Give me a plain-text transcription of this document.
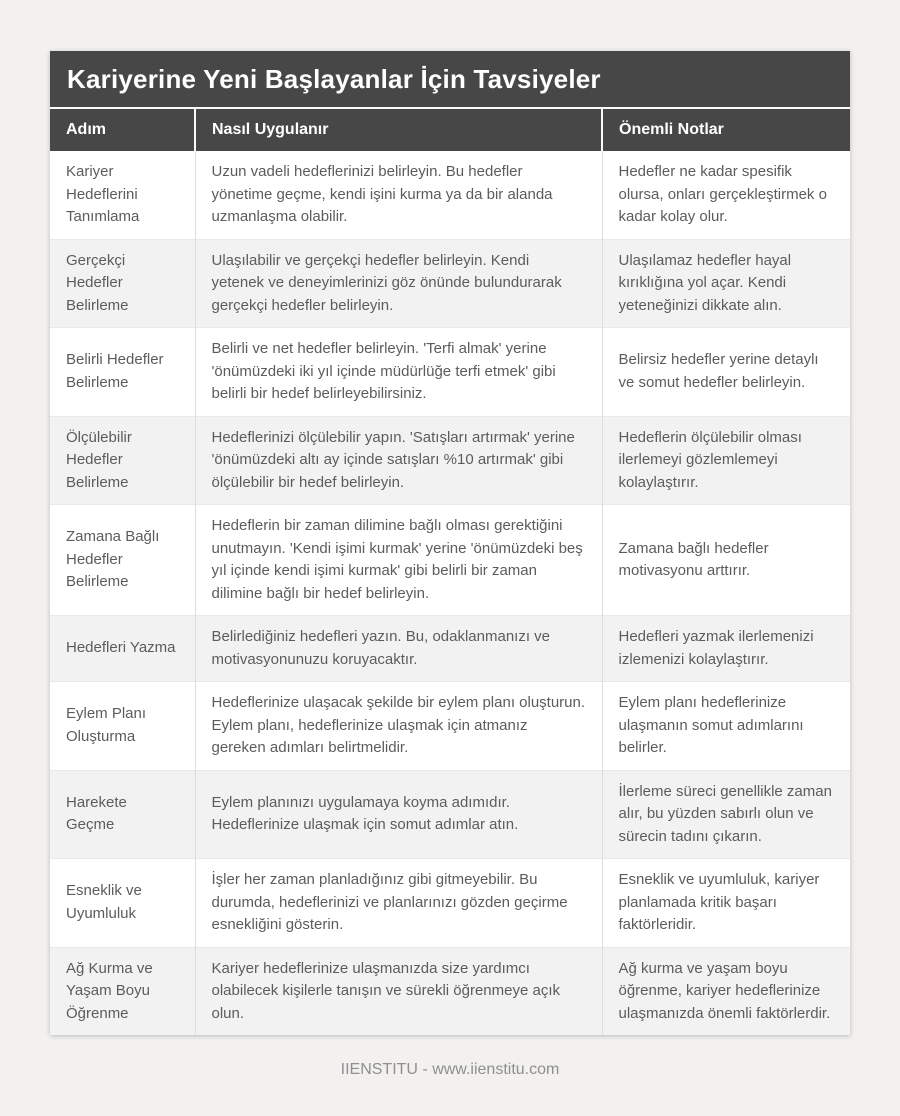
Kariyerine Yeni Başlayanlar İçin Tavsiyeler
Adım	Nasıl Uygulanır	Önemli Notlar
Kariyer Hedeflerini Tanımlama	Uzun vadeli hedeflerinizi belirleyin. Bu hedefler yönetime geçme, kendi işini kurma ya da bir alanda uzmanlaşma olabilir.	Hedefler ne kadar spesifik olursa, onları gerçekleştirmek o kadar kolay olur.
Gerçekçi Hedefler Belirleme	Ulaşılabilir ve gerçekçi hedefler belirleyin. Kendi yetenek ve deneyimlerinizi göz önünde bulundurarak gerçekçi hedefler belirleyin.	Ulaşılamaz hedefler hayal kırıklığına yol açar. Kendi yeteneğinizi dikkate alın.
Belirli Hedefler Belirleme	Belirli ve net hedefler belirleyin. 'Terfi almak' yerine 'önümüzdeki iki yıl içinde müdürlüğe terfi etmek' gibi belirli bir hedef belirleyebilirsiniz.	Belirsiz hedefler yerine detaylı ve somut hedefler belirleyin.
Ölçülebilir Hedefler Belirleme	Hedeflerinizi ölçülebilir yapın. 'Satışları artırmak' yerine 'önümüzdeki altı ay içinde satışları %10 artırmak' gibi ölçülebilir bir hedef belirleyin.	Hedeflerin ölçülebilir olması ilerlemeyi gözlemlemeyi kolaylaştırır.
Zamana Bağlı Hedefler Belirleme	Hedeflerin bir zaman dilimine bağlı olması gerektiğini unutmayın. 'Kendi işimi kurmak' yerine 'önümüzdeki beş yıl içinde kendi işimi kurmak' gibi belirli bir zaman dilimine bağlı bir hedef belirleyin.	Zamana bağlı hedefler motivasyonu arttırır.
Hedefleri Yazma	Belirlediğiniz hedefleri yazın. Bu, odaklanmanızı ve motivasyonunuzu koruyacaktır.	Hedefleri yazmak ilerlemenizi izlemenizi kolaylaştırır.
Eylem Planı Oluşturma	Hedeflerinize ulaşacak şekilde bir eylem planı oluşturun. Eylem planı, hedeflerinize ulaşmak için atmanız gereken adımları belirtmelidir.	Eylem planı hedeflerinize ulaşmanın somut adımlarını belirler.
Harekete Geçme	Eylem planınızı uygulamaya koyma adımıdır. Hedeflerinize ulaşmak için somut adımlar atın.	İlerleme süreci genellikle zaman alır, bu yüzden sabırlı olun ve sürecin tadını çıkarın.
Esneklik ve Uyumluluk	İşler her zaman planladığınız gibi gitmeyebilir. Bu durumda, hedeflerinizi ve planlarınızı gözden geçirme esnekliğini gösterin.	Esneklik ve uyumluluk, kariyer planlamada kritik başarı faktörleridir.
Ağ Kurma ve Yaşam Boyu Öğrenme	Kariyer hedeflerinize ulaşmanızda size yardımcı olabilecek kişilerle tanışın ve sürekli öğrenmeye açık olun.	Ağ kurma ve yaşam boyu öğrenme, kariyer hedeflerinize ulaşmanızda önemli faktörlerdir.
IIENSTITU - www.iienstitu.com
